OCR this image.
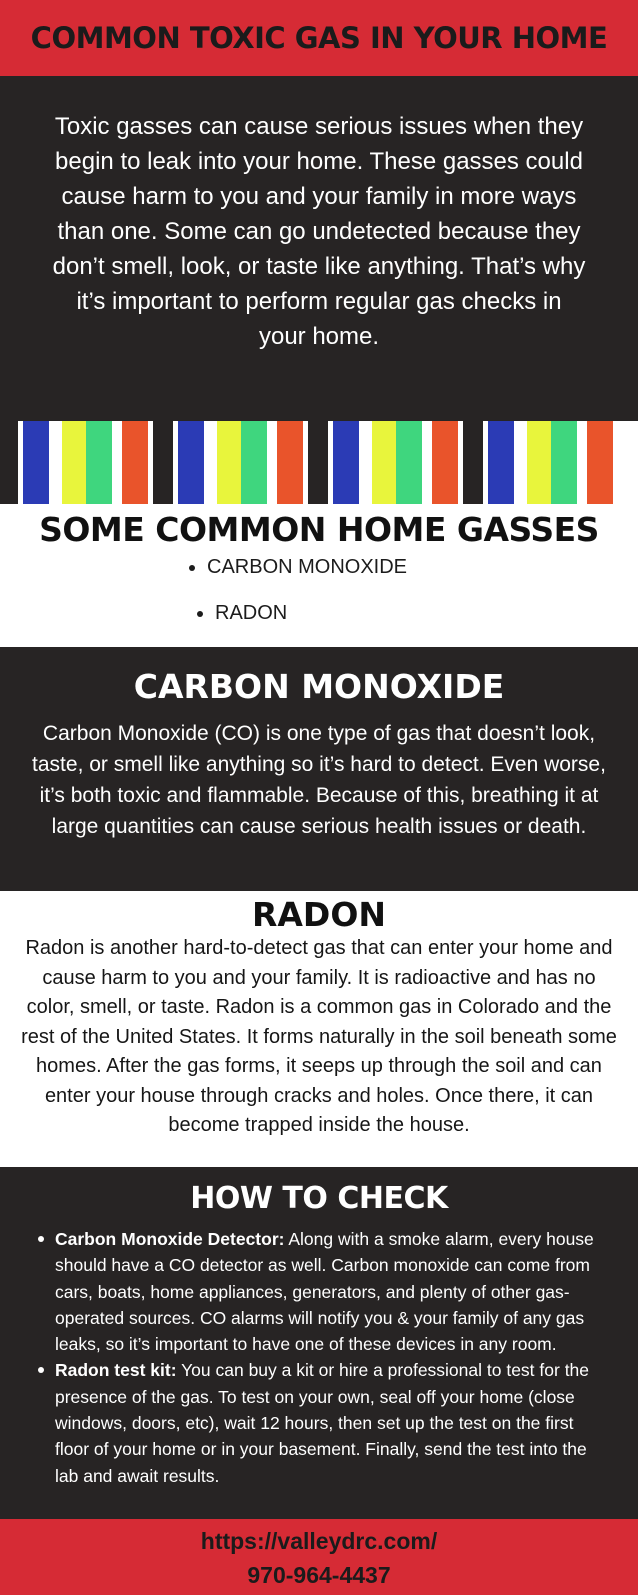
COMMON TOXIC GAS IN YOUR HOME

Toxic gasses can cause serious issues when they begin to leak into your home. These gasses could cause harm to you and your family in more ways than one. Some can go undetected because they don’t smell, look, or taste like anything. That’s why it’s important to perform regular gas checks in your home.

SOME COMMON HOME GASSES
CARBON MONOXIDE
RADON
CARBON MONOXIDE

Carbon Monoxide (CO) is one type of gas that doesn’t look, taste, or smell like anything so it’s hard to detect. Even worse, it’s both toxic and flammable. Because of this, breathing it at large quantities can cause serious health issues or death.

RADON

Radon is another hard-to-detect gas that can enter your home and cause harm to you and your family. It is radioactive and has no color, smell, or taste. Radon is a common gas in Colorado and the rest of the United States. It forms naturally in the soil beneath some homes. After the gas forms, it seeps up through the soil and can enter your house through cracks and holes. Once there, it can become trapped inside the house.

HOW TO CHECK
Carbon Monoxide Detector: Along with a smoke alarm, every house should have a CO detector as well. Carbon monoxide can come from cars, boats, home appliances, generators, and plenty of other gas-operated sources. CO alarms will notify you & your family of any gas leaks, so it’s important to have one of these devices in any room.
Radon test kit: You can buy a kit or hire a professional to test for the presence of the gas. To test on your own, seal off your home (close windows, doors, etc), wait 12 hours, then set up the test on the first floor of your home or in your basement. Finally, send the test into the lab and await results.
https://valleydrc.com/
970-964-4437
